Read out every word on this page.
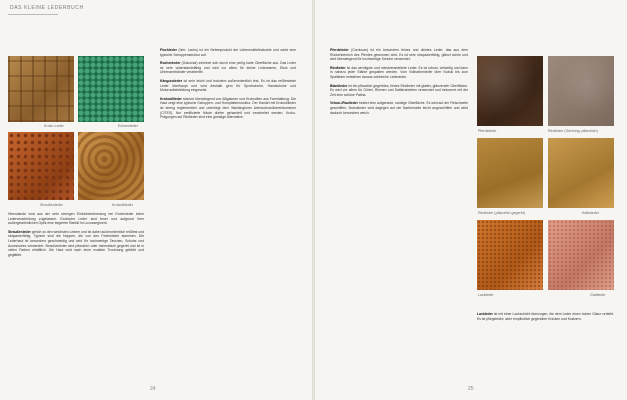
DAS KLEINE LEDERBUCH
Kroko-Leder	Echsenleder
Straußenleder	Krokodilleder

Hierzulande wird aus der sehr strengen Einfuhrbestimmung bei Exotenleder keine Lederverarbeitung zugelassen. Exotische Leder sind teuer und aufgrund ihrer außergewöhnlichen Optik eine begehrte Rarität im Luxussegment.

Straußenleder gehört zu den weichsten Ledern und ist dabei außerordentlich reißfest und strapazierfähig. Typisch sind die Noppen, die von den Federkielen stammen. Die Lederhaut ist besonders geschmeidig und wird für hochwertige Taschen, Schuhe und Accessoires verwendet. Straußenleder wird pflanzlich oder mineralisch gegerbt und ist in vielen Farben erhältlich. Die Haut wird nach einer exakten Trocknung gefärbt und geglättet.

Fischleder (hier: Lachs) ist ein Nebenprodukt der Lebensmittelindustrie und weist eine typische Schuppenstruktur auf.

Rochenleder (Galuchat) zeichnet sich durch eine perlig-harte Oberfläche aus. Das Leder ist sehr widerstandsfähig und wird vor allem für kleine Lederwaren, Etuis und Uhrenarmbänder verarbeitet.

Känguruleder ist sehr leicht und trotzdem außerordentlich fest. Es ist das reißfesteste Leder überhaupt und wird deshalb gern für Sportschuhe, Handschuhe und Motorradbekleidung eingesetzt.

Krokodilleder stammt überwiegend von Alligatoren und Krokodilen aus Farmhaltung. Die Haut zeigt eine typische Schuppen- und Hornplattenstruktur. Der Handel mit Krokodilleder ist streng reglementiert und unterliegt dem Washingtoner Artenschutzübereinkommen (CITES). Nur zertifizierte Häute dürfen gehandelt und verarbeitet werden. Kroko-Prägungen auf Rindleder sind eine günstige Alternative.

24

Pferdeleder (Cordovan) ist ein besonders feines und dichtes Leder, das aus dem Rückenbereich des Pferdes gewonnen wird. Es ist sehr strapazierfähig, glänzt schön und wird überwiegend für hochwertige Schuhe verwendet.

Rindleder ist das wichtigste und meistverarbeitete Leder. Es ist robust, vielseitig und kann in nahezu jeder Stärke gespalten werden. Vom Vollnarbenleder über Nubuk bis zum Spaltleder entstehen daraus zahlreiche Lederarten.

Blankleder ist ein pflanzlich gegerbtes, festes Rindleder mit glatter, glänzender Oberfläche. Es wird vor allem für Gürtel, Riemen und Sattlerarbeiten verwendet und bekommt mit der Zeit eine schöne Patina.

Velour-/Raulleder besitzt eine aufgeraute, samtige Oberfläche. Es wird auf der Fleischseite geschliffen. Nubukleder wird dagegen auf der Narbenseite leicht angeschliffen und wirkt dadurch besonders weich.

25
Pferdeleder	Rindleder (Gerbung: pflanzlich)
Rindleder (pflanzlich gegerbt)	Kalbsleder
Lackleder	Glattleder

Lackleder ist mit einer Lackschicht überzogen, die dem Leder einen hohen Glanz verleiht. Es ist pflegeleicht, aber empfindlich gegenüber Knicken und Kratzern.
